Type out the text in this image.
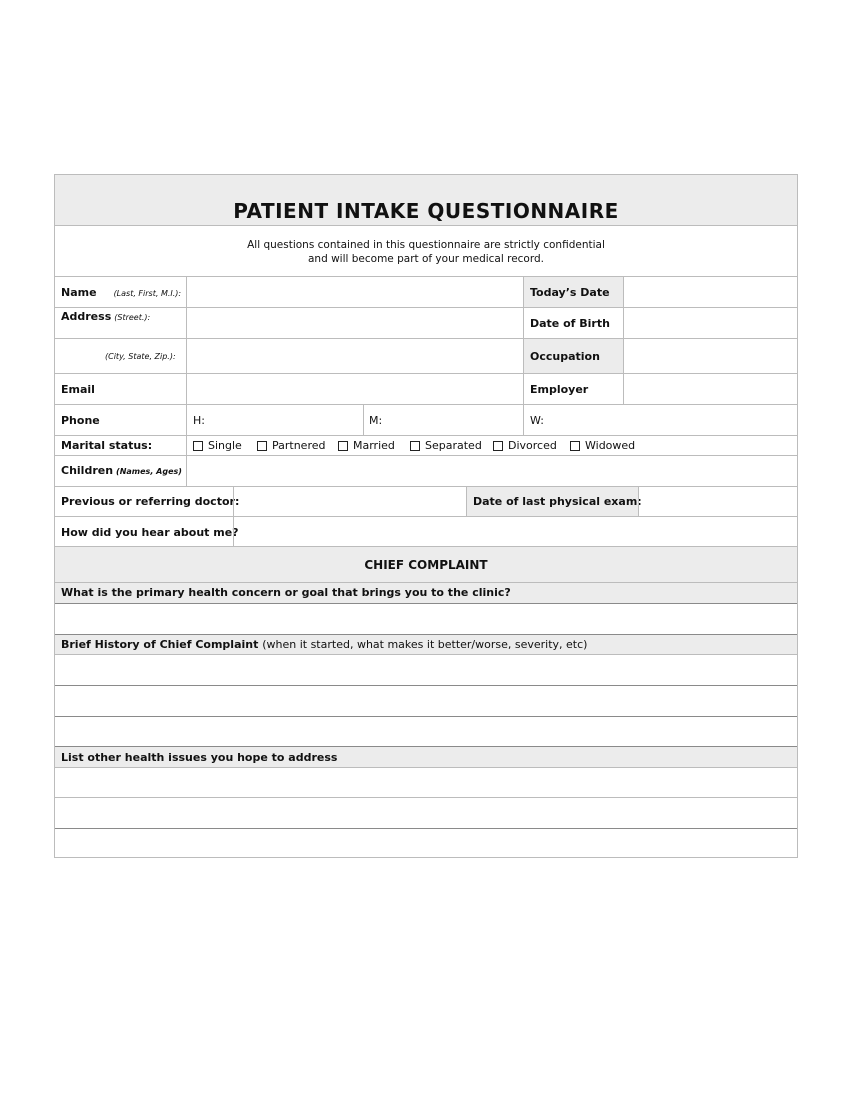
PATIENT INTAKE QUESTIONNAIRE
All questions contained in this questionnaire are strictly confidential
and will become part of your medical record.
Name (Last, First, M.I.):	Today’s Date
Address (Street.):	Date of Birth
(City, State, Zip.):	Occupation
Email	Employer
Phone	H:	M:	W:
Marital status:	Single	Partnered	Married	Separated Divorced	Widowed
Children (Names, Ages)
Previous or referring doctor:	Date of last physical exam:
How did you hear about me?
CHIEF COMPLAINT
What is the primary health concern or goal that brings you to the clinic?
Brief History of Chief Complaint (when it started, what makes it better/worse, severity, etc)
List other health issues you hope to address
